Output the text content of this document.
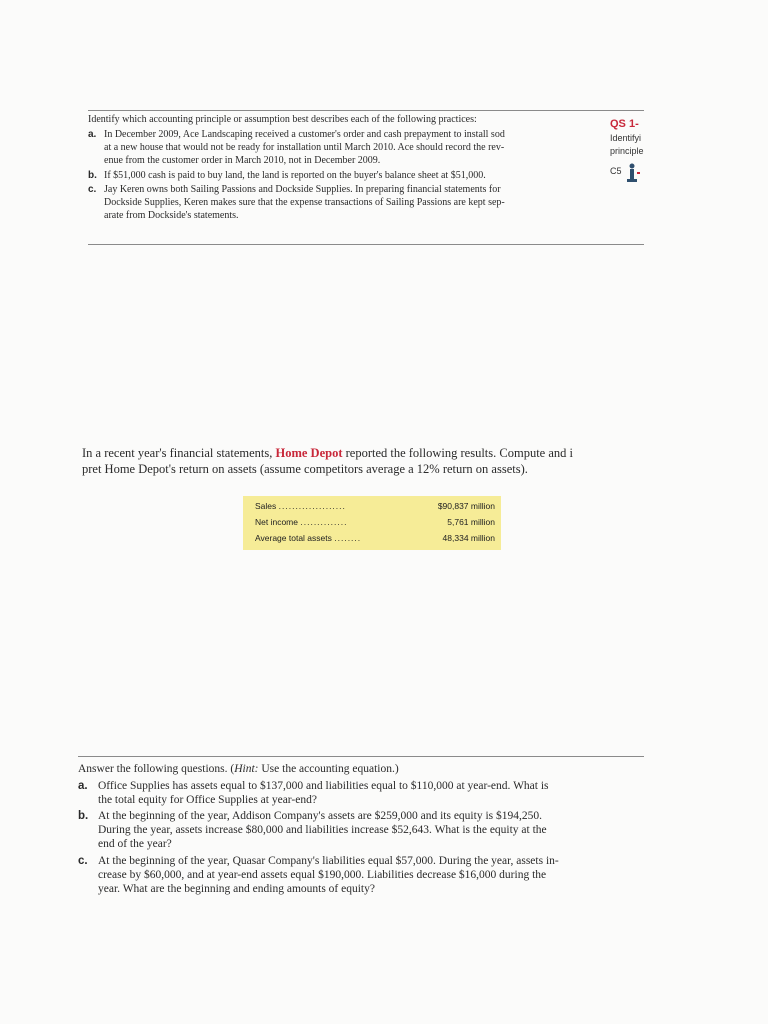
Identify which accounting principle or assumption best describes each of the following practices:
a. In December 2009, Ace Landscaping received a customer's order and cash prepayment to install sod
at a new house that would not be ready for installation until March 2010. Ace should record the rev-
enue from the customer order in March 2010, not in December 2009.
b. If $51,000 cash is paid to buy land, the land is reported on the buyer's balance sheet at $51,000.
c. Jay Keren owns both Sailing Passions and Dockside Supplies. In preparing financial statements for
Dockside Supplies, Keren makes sure that the expense transactions of Sailing Passions are kept sep-
arate from Dockside's statements.
QS 1-
Identifyi
principle
C5
In a recent year's financial statements, Home Depot reported the following results. Compute and i
pret Home Depot's return on assets (assume competitors average a 12% return on assets).
Sales ....................	$90,837 million
Net income ..............	5,761 million
Average total assets ........	48,334 million
Answer the following questions. (Hint: Use the accounting equation.)
a. Office Supplies has assets equal to $137,000 and liabilities equal to $110,000 at year-end. What is
the total equity for Office Supplies at year-end?
b. At the beginning of the year, Addison Company's assets are $259,000 and its equity is $194,250.
During the year, assets increase $80,000 and liabilities increase $52,643. What is the equity at the
end of the year?
c. At the beginning of the year, Quasar Company's liabilities equal $57,000. During the year, assets in-
crease by $60,000, and at year-end assets equal $190,000. Liabilities decrease $16,000 during the
year. What are the beginning and ending amounts of equity?
